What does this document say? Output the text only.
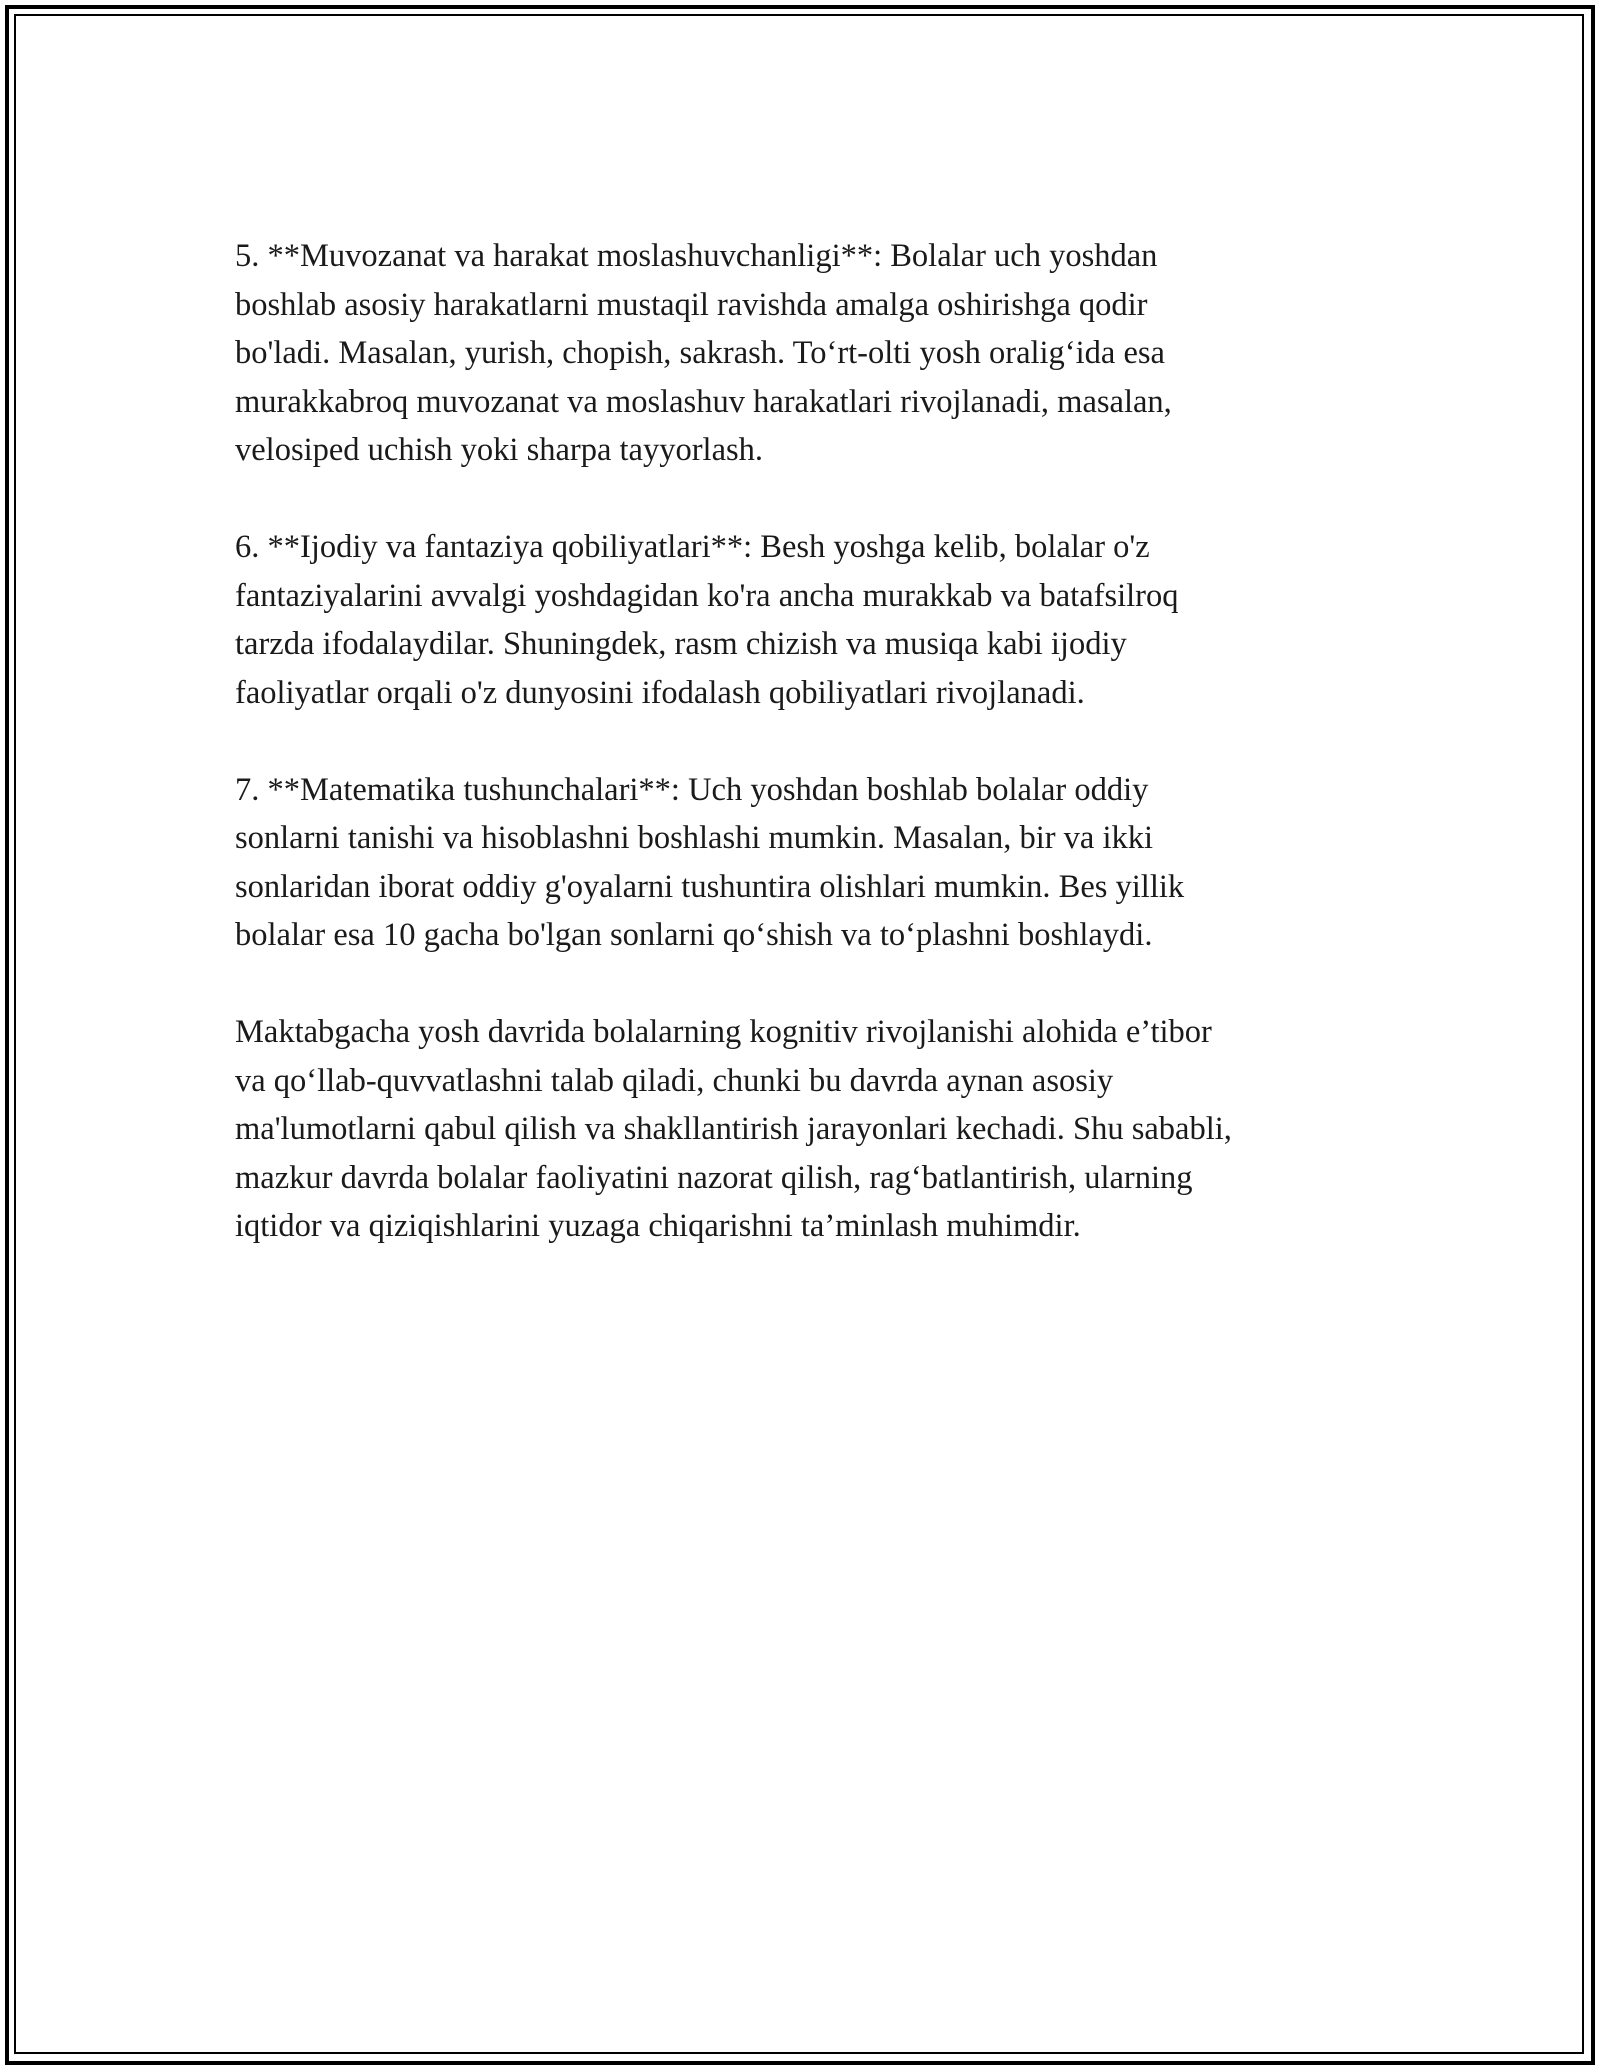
5. **Muvozanat va harakat moslashuvchanligi**: Bolalar uch yoshdan
boshlab asosiy harakatlarni mustaqil ravishda amalga oshirishga qodir
bo'ladi. Masalan, yurish, chopish, sakrash. To‘rt-olti yosh oralig‘ida esa
murakkabroq muvozanat va moslashuv harakatlari rivojlanadi, masalan,
velosiped uchish yoki sharpa tayyorlash.

6. **Ijodiy va fantaziya qobiliyatlari**: Besh yoshga kelib, bolalar o'z
fantaziyalarini avvalgi yoshdagidan ko'ra ancha murakkab va batafsilroq
tarzda ifodalaydilar. Shuningdek, rasm chizish va musiqa kabi ijodiy
faoliyatlar orqali o'z dunyosini ifodalash qobiliyatlari rivojlanadi.

7. **Matematika tushunchalari**: Uch yoshdan boshlab bolalar oddiy
sonlarni tanishi va hisoblashni boshlashi mumkin. Masalan, bir va ikki
sonlaridan iborat oddiy g'oyalarni tushuntira olishlari mumkin. Bes yillik
bolalar esa 10 gacha bo'lgan sonlarni qo‘shish va to‘plashni boshlaydi.

Maktabgacha yosh davrida bolalarning kognitiv rivojlanishi alohida e’tibor
va qo‘llab-quvvatlashni talab qiladi, chunki bu davrda aynan asosiy
ma'lumotlarni qabul qilish va shakllantirish jarayonlari kechadi. Shu sababli,
mazkur davrda bolalar faoliyatini nazorat qilish, rag‘batlantirish, ularning
iqtidor va qiziqishlarini yuzaga chiqarishni ta’minlash muhimdir.
